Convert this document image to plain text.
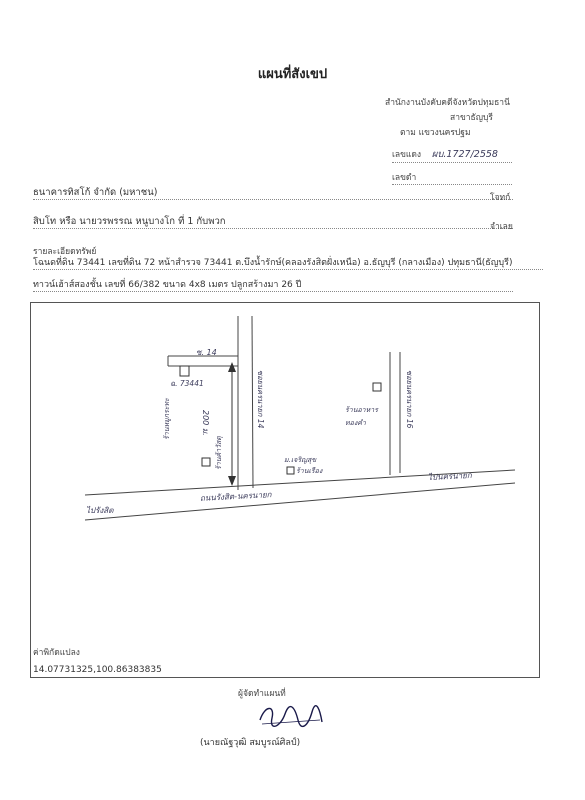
แผนที่สังเขป
สำนักงานบังคับคดีจังหวัดปทุมธานี
สาขาธัญบุรี
ตาม แขวงนครปฐม
เลขแดง ผบ.1727/2558
เลขดำ
ธนาคารทิสโก้ จำกัด (มหาชน)	โจทก์
สิบโท หรือ นายวรพรรณ หนูบางโก ที่ 1 กับพวก	จำเลย
รายละเอียดทรัพย์
โฉนดที่ดิน 73441 เลขที่ดิน 72 หน้าสำรวจ 73441 ต.บึงน้ำรักษ์(คลองรังสิตฝั่งเหนือ) อ.ธัญบุรี (กลางเมือง) ปทุมธานี(ธัญบุรี)
ทาวน์เฮ้าส์สองชั้น เลขที่ 66/382 ขนาด 4x8 เมตร ปลูกสร้างมา 26 ปี
ซ. 14
ฉ. 73441
200 ม.	ซอยนครนายก 14	ซอยนครนายก 16
ร้านหมูกระทะ
ร้านค้าวัสดุ	ม.เจริญสุข
ร้านเรือง
ร้านอาหาร
ทองคำ
ไปรังสิต
ถนนรังสิต-นครนายก
ไปนครนายก
ค่าพิกัดแปลง
14.07731325,100.86383835
ผู้จัดทำแผนที่
(นายณัฐวุฒิ สมบูรณ์ศิลป์)
